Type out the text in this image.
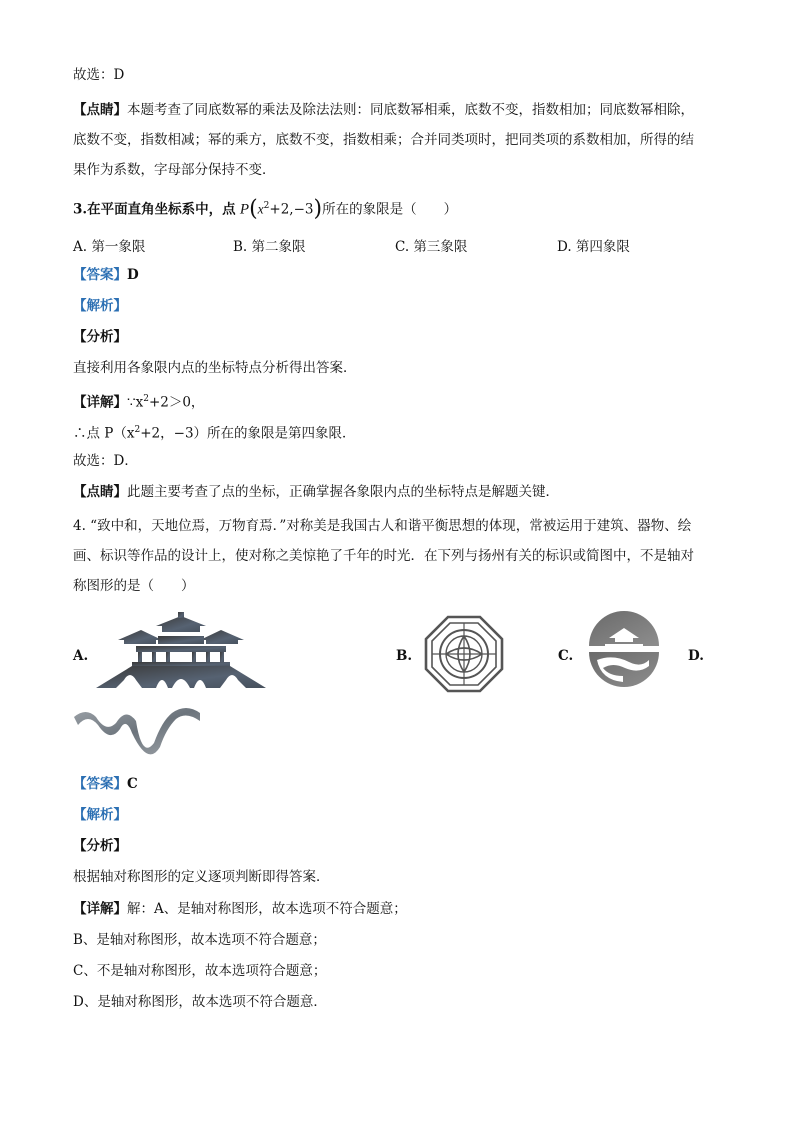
故选：D
【点睛】本题考查了同底数幂的乘法及除法法则：同底数幂相乘，底数不变，指数相加；同底数幂相除，
底数不变，指数相减；幂的乘方，底数不变，指数相乘；合并同类项时，把同类项的系数相加，所得的结
果作为系数，字母部分保持不变．
3.在平面直角坐标系中，点 $P(x^2+2,-3)$所在的象限是（　　）
A. 第一象限	B. 第二象限	C. 第三象限	D. 第四象限
【答案】D
【解析】
【分析】
直接利用各象限内点的坐标特点分析得出答案．
【详解】$\because x^2+2>0$，
∴点 $P(x^2+2$，−3）所在的象限是第四象限．
故选：D．
【点睛】此题主要考查了点的坐标，正确掌握各象限内点的坐标特点是解题关键．
4. “致中和，天地位焉，万物育焉．”对称美是我国古人和谐平衡思想的体现，常被运用于建筑、器物、绘
画、标识等作品的设计上，使对称之美惊艳了千年的时光．在下列与扬州有关的标识或简图中，不是轴对
称图形的是（　　）
A.	B.	C.	D.
【答案】C
【解析】
【分析】
根据轴对称图形的定义逐项判断即得答案．
【详解】解：A、是轴对称图形，故本选项不符合题意；
B、是轴对称图形，故本选项不符合题意；
C、不是轴对称图形，故本选项符合题意；
D、是轴对称图形，故本选项不符合题意．
